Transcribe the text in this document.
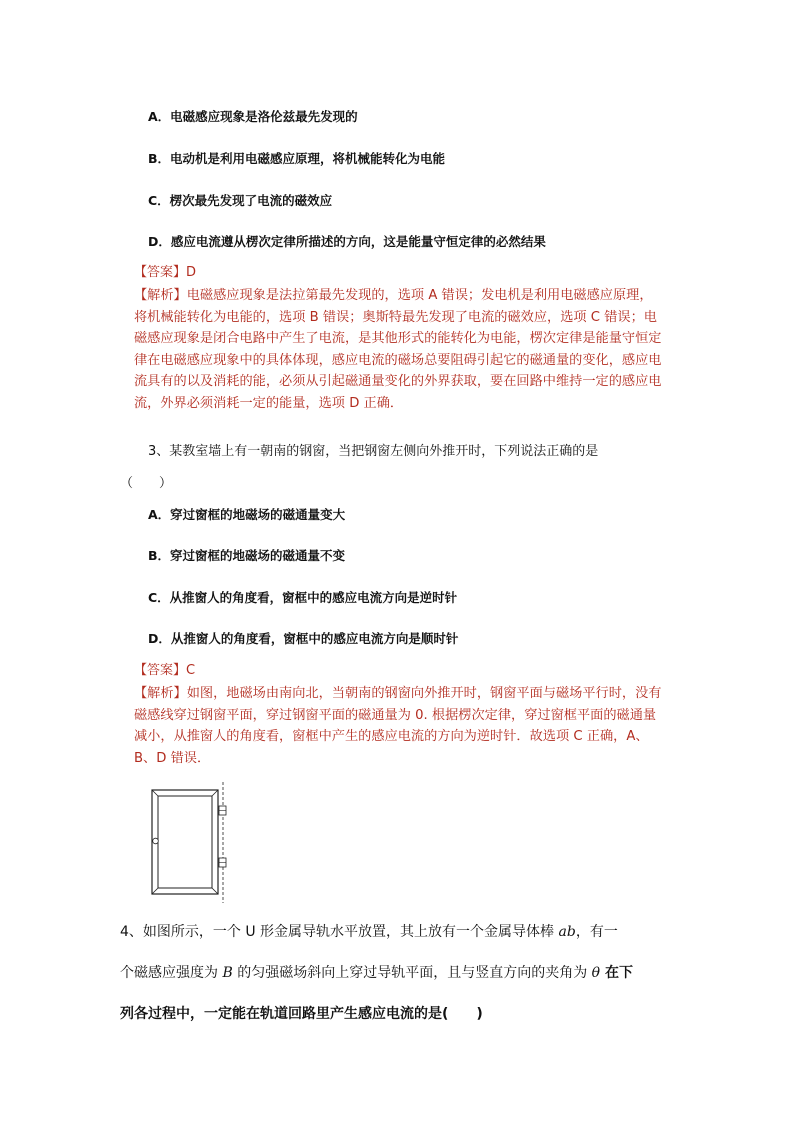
A．电磁感应现象是洛伦兹最先发现的
B．电动机是利用电磁感应原理，将机械能转化为电能
C．楞次最先发现了电流的磁效应
D．感应电流遵从楞次定律所描述的方向，这是能量守恒定律的必然结果
【答案】D
【解析】电磁感应现象是法拉第最先发现的，选项 A 错误；发电机是利用电磁感应原理，将机械能转化为电能的，选项 B 错误；奥斯特最先发现了电流的磁效应，选项 C 错误；电磁感应现象是闭合电路中产生了电流，是其他形式的能转化为电能，楞次定律是能量守恒定律在电磁感应现象中的具体体现，感应电流的磁场总要阻碍引起它的磁通量的变化，感应电流具有的以及消耗的能，必须从引起磁通量变化的外界获取，要在回路中维持一定的感应电流，外界必须消耗一定的能量，选项 D 正确．
3、某教室墙上有一朝南的钢窗，当把钢窗左侧向外推开时，下列说法正确的是
（　　）
A．穿过窗框的地磁场的磁通量变大
B．穿过窗框的地磁场的磁通量不变
C．从推窗人的角度看，窗框中的感应电流方向是逆时针
D．从推窗人的角度看，窗框中的感应电流方向是顺时针
【答案】C
【解析】如图，地磁场由南向北，当朝南的钢窗向外推开时，钢窗平面与磁场平行时，没有磁感线穿过钢窗平面，穿过钢窗平面的磁通量为 0. 根据楞次定律，穿过窗框平面的磁通量减小，从推窗人的角度看，窗框中产生的感应电流的方向为逆时针．故选项 C 正确，A、B、D 错误．
4、如图所示，一个 U 形金属导轨水平放置，其上放有一个金属导体棒 ab，有一
个磁感应强度为 B 的匀强磁场斜向上穿过导轨平面，且与竖直方向的夹角为 θ 在下
列各过程中，一定能在轨道回路里产生感应电流的是(　　)
